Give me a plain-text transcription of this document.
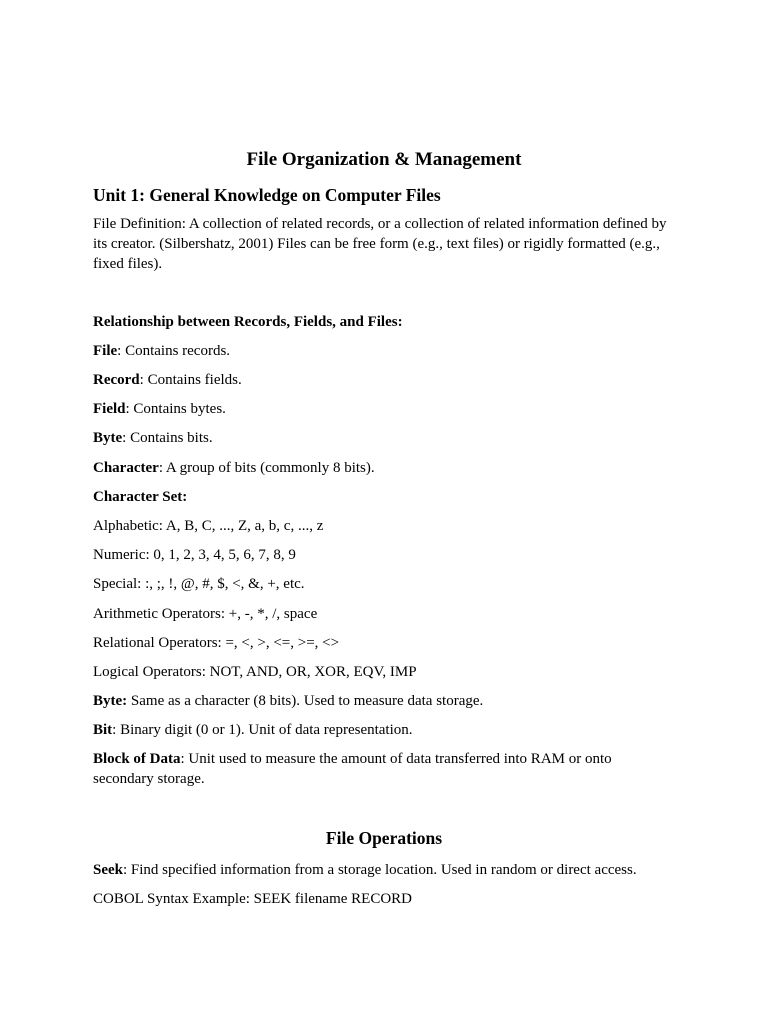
File Organization & Management
Unit 1: General Knowledge on Computer Files

File Definition: A collection of related records, or a collection of related information defined by its creator. (Silbershatz, 2001) Files can be free form (e.g., text files) or rigidly formatted (e.g., fixed files).

Relationship between Records, Fields, and Files:

File: Contains records.

Record: Contains fields.

Field: Contains bytes.

Byte: Contains bits.

Character: A group of bits (commonly 8 bits).

Character Set:

Alphabetic: A, B, C, ..., Z, a, b, c, ..., z

Numeric: 0, 1, 2, 3, 4, 5, 6, 7, 8, 9

Special: :, ;, !, @, #, $, <, &, +, etc.

Arithmetic Operators: +, -, *, /, space

Relational Operators: =, <, >, <=, >=, <>

Logical Operators: NOT, AND, OR, XOR, EQV, IMP

Byte: Same as a character (8 bits). Used to measure data storage.

Bit: Binary digit (0 or 1). Unit of data representation.

Block of Data: Unit used to measure the amount of data transferred into RAM or onto secondary storage.

File Operations

Seek: Find specified information from a storage location. Used in random or direct access.

COBOL Syntax Example: SEEK filename RECORD
